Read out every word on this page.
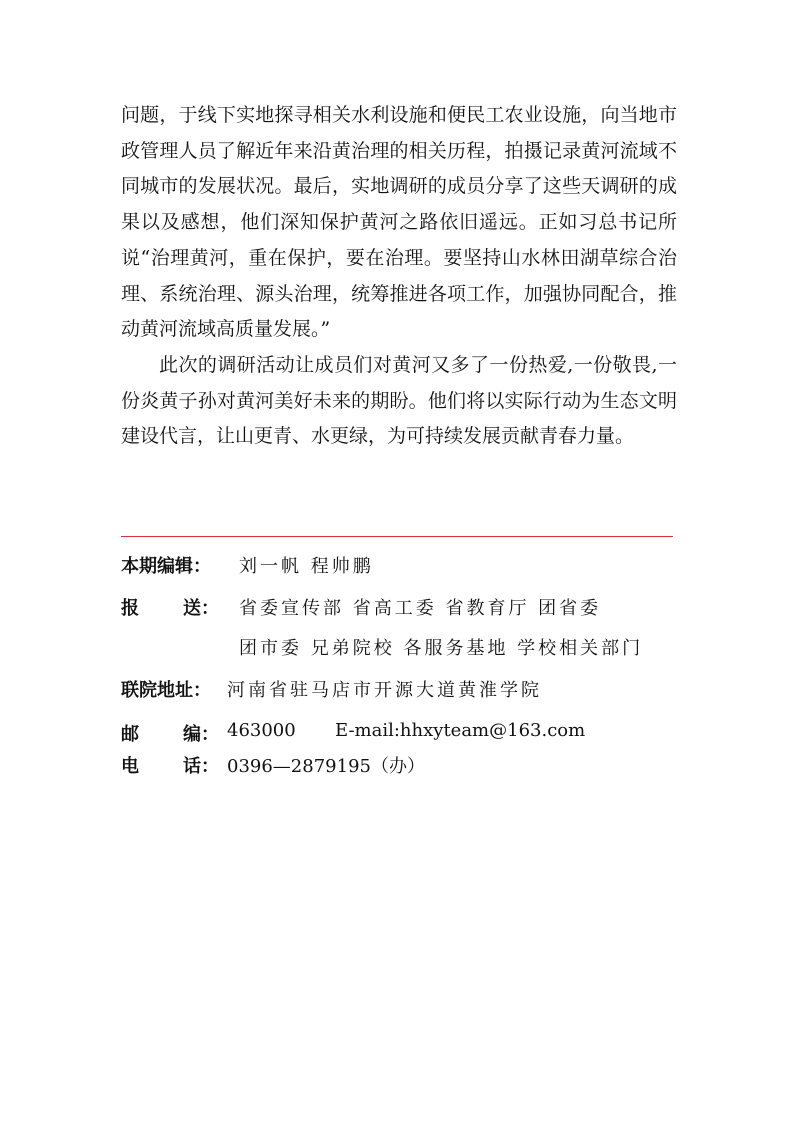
问题，于线下实地探寻相关水利设施和便民工农业设施，向当地市政管理人员了解近年来沿黄治理的相关历程，拍摄记录黄河流域不同城市的发展状况。最后，实地调研的成员分享了这些天调研的成果以及感想，他们深知保护黄河之路依旧遥远。正如习总书记所说“治理黄河，重在保护，要在治理。要坚持山水林田湖草综合治理、系统治理、源头治理，统筹推进各项工作，加强协同配合，推动黄河流域高质量发展。”

此次的调研活动让成员们对黄河又多了一份热爱,一份敬畏,一份炎黄子孙对黄河美好未来的期盼。他们将以实际行动为生态文明建设代言，让山更青、水更绿，为可持续发展贡献青春力量。

本期编辑： 刘一帆 程帅鹏
报 送： 省委宣传部 省高工委 省教育厅 团省委
团市委 兄弟院校 各服务基地 学校相关部门
联院地址： 河南省驻马店市开源大道黄淮学院
邮 编： 463000 E-mail:hhxyteam@163.com
电 话： 0396—2879195（办）
